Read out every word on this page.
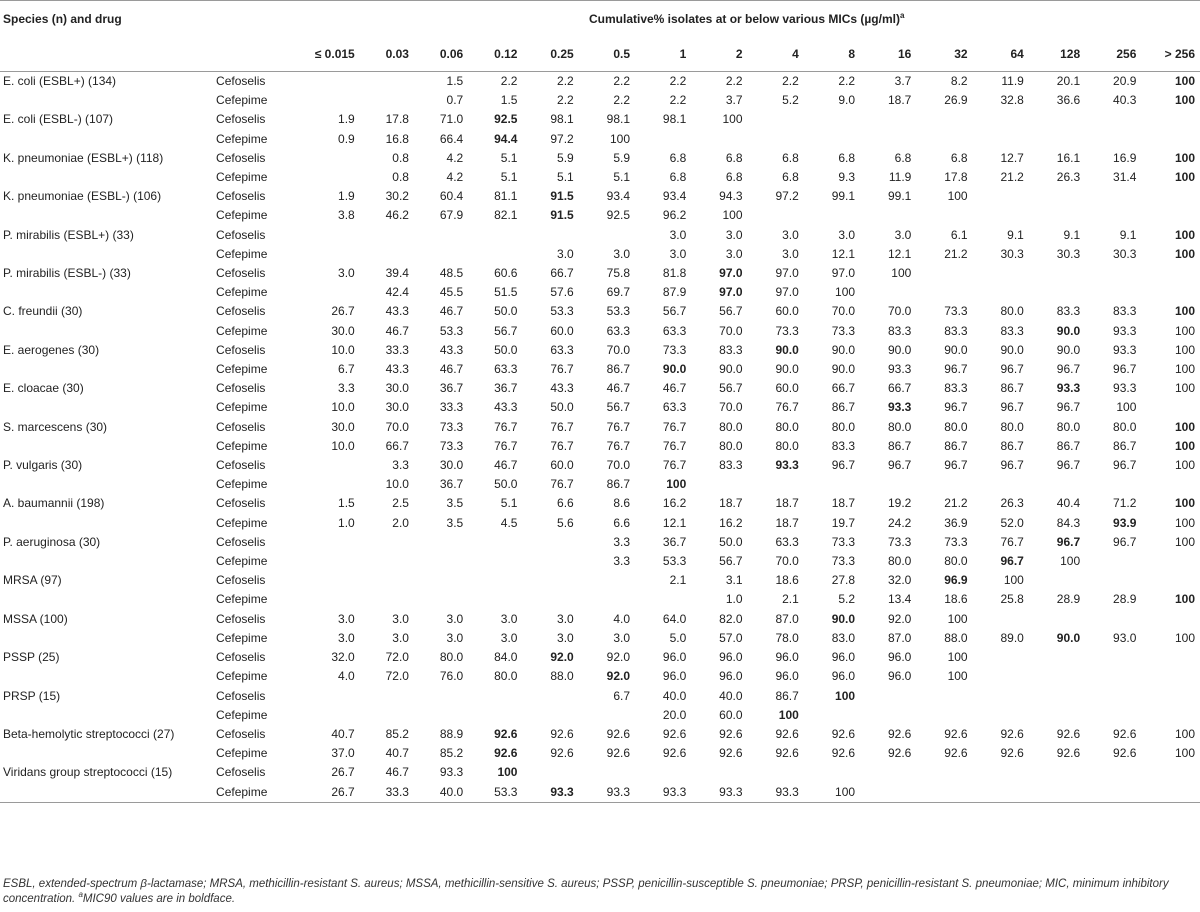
Species (n) and drug		Cumulative% isolates at or below various MICs $(\mu g/ml)^a$
		≤ 0.015	0.03	0.06	0.12	0.25	0.5	1	2	4	8	16	32	64	128	256	> 256
E. coli (ESBL+) (134)	Cefoselis			1.5	2.2	2.2	2.2	2.2	2.2	2.2	2.2	3.7	8.2	11.9	20.1	20.9	100
	Cefepime			0.7	1.5	2.2	2.2	2.2	3.7	5.2	9.0	18.7	26.9	32.8	36.6	40.3	100
E. coli (ESBL-) (107)	Cefoselis	1.9	17.8	71.0	92.5	98.1	98.1	98.1	100								
	Cefepime	0.9	16.8	66.4	94.4	97.2	100										
K. pneumoniae (ESBL+) (118)	Cefoselis		0.8	4.2	5.1	5.9	5.9	6.8	6.8	6.8	6.8	6.8	6.8	12.7	16.1	16.9	100
	Cefepime		0.8	4.2	5.1	5.1	5.1	6.8	6.8	6.8	9.3	11.9	17.8	21.2	26.3	31.4	100
K. pneumoniae (ESBL-) (106)	Cefoselis	1.9	30.2	60.4	81.1	91.5	93.4	93.4	94.3	97.2	99.1	99.1	100				
	Cefepime	3.8	46.2	67.9	82.1	91.5	92.5	96.2	100								
P. mirabilis (ESBL+) (33)	Cefoselis							3.0	3.0	3.0	3.0	3.0	6.1	9.1	9.1	9.1	100
	Cefepime					3.0	3.0	3.0	3.0	3.0	12.1	12.1	21.2	30.3	30.3	30.3	100
P. mirabilis (ESBL-) (33)	Cefoselis	3.0	39.4	48.5	60.6	66.7	75.8	81.8	97.0	97.0	97.0	100					
	Cefepime		42.4	45.5	51.5	57.6	69.7	87.9	97.0	97.0	100						
C. freundii (30)	Cefoselis	26.7	43.3	46.7	50.0	53.3	53.3	56.7	56.7	60.0	70.0	70.0	73.3	80.0	83.3	83.3	100
	Cefepime	30.0	46.7	53.3	56.7	60.0	63.3	63.3	70.0	73.3	73.3	83.3	83.3	83.3	90.0	93.3	100
E. aerogenes (30)	Cefoselis	10.0	33.3	43.3	50.0	63.3	70.0	73.3	83.3	90.0	90.0	90.0	90.0	90.0	90.0	93.3	100
	Cefepime	6.7	43.3	46.7	63.3	76.7	86.7	90.0	90.0	90.0	90.0	93.3	96.7	96.7	96.7	96.7	100
E. cloacae (30)	Cefoselis	3.3	30.0	36.7	36.7	43.3	46.7	46.7	56.7	60.0	66.7	66.7	83.3	86.7	93.3	93.3	100
	Cefepime	10.0	30.0	33.3	43.3	50.0	56.7	63.3	70.0	76.7	86.7	93.3	96.7	96.7	96.7	100	
S. marcescens (30)	Cefoselis	30.0	70.0	73.3	76.7	76.7	76.7	76.7	80.0	80.0	80.0	80.0	80.0	80.0	80.0	80.0	100
	Cefepime	10.0	66.7	73.3	76.7	76.7	76.7	76.7	80.0	80.0	83.3	86.7	86.7	86.7	86.7	86.7	100
P. vulgaris (30)	Cefoselis		3.3	30.0	46.7	60.0	70.0	76.7	83.3	93.3	96.7	96.7	96.7	96.7	96.7	96.7	100
	Cefepime		10.0	36.7	50.0	76.7	86.7	100									
A. baumannii (198)	Cefoselis	1.5	2.5	3.5	5.1	6.6	8.6	16.2	18.7	18.7	18.7	19.2	21.2	26.3	40.4	71.2	100
	Cefepime	1.0	2.0	3.5	4.5	5.6	6.6	12.1	16.2	18.7	19.7	24.2	36.9	52.0	84.3	93.9	100
P. aeruginosa (30)	Cefoselis						3.3	36.7	50.0	63.3	73.3	73.3	73.3	76.7	96.7	96.7	100
	Cefepime						3.3	53.3	56.7	70.0	73.3	80.0	80.0	96.7	100		
MRSA (97)	Cefoselis							2.1	3.1	18.6	27.8	32.0	96.9	100			
	Cefepime								1.0	2.1	5.2	13.4	18.6	25.8	28.9	28.9	100
MSSA (100)	Cefoselis	3.0	3.0	3.0	3.0	3.0	4.0	64.0	82.0	87.0	90.0	92.0	100				
	Cefepime	3.0	3.0	3.0	3.0	3.0	3.0	5.0	57.0	78.0	83.0	87.0	88.0	89.0	90.0	93.0	100
PSSP (25)	Cefoselis	32.0	72.0	80.0	84.0	92.0	92.0	96.0	96.0	96.0	96.0	96.0	100				
	Cefepime	4.0	72.0	76.0	80.0	88.0	92.0	96.0	96.0	96.0	96.0	96.0	100				
PRSP (15)	Cefoselis						6.7	40.0	40.0	86.7	100						
	Cefepime							20.0	60.0	100							
Beta-hemolytic streptococci (27)	Cefoselis	40.7	85.2	88.9	92.6	92.6	92.6	92.6	92.6	92.6	92.6	92.6	92.6	92.6	92.6	92.6	100
	Cefepime	37.0	40.7	85.2	92.6	92.6	92.6	92.6	92.6	92.6	92.6	92.6	92.6	92.6	92.6	92.6	100
Viridans group streptococci (15)	Cefoselis	26.7	46.7	93.3	100												
	Cefepime	26.7	33.3	40.0	53.3	93.3	93.3	93.3	93.3	93.3	100						
ESBL, extended-spectrum β-lactamase; MRSA, methicillin-resistant S. aureus; MSSA, methicillin-sensitive S. aureus; PSSP, penicillin-susceptible S. pneumoniae; PRSP, penicillin-resistant S. pneumoniae; MIC, minimum inhibitory concentration. $^a$MIC90 values are in boldface.
